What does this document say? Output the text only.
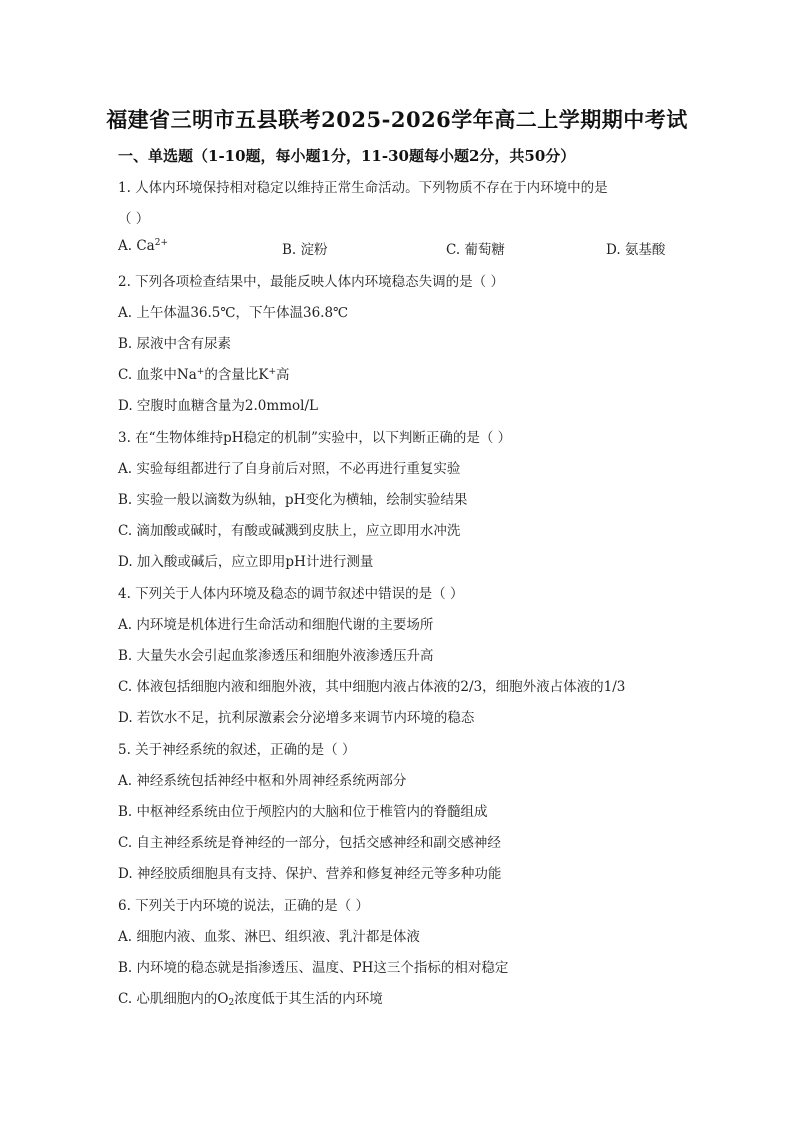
福建省三明市五县联考2025-2026学年高二上学期期中考试
一、单选题（1-10题，每小题1分，11-30题每小题2分，共50分）
1. 人体内环境保持相对稳定以维持正常生命活动。下列物质不存在于内环境中的是
（ ）
A. $Ca^{2+}$	B. 淀粉	C. 葡萄糖	D. 氨基酸
2. 下列各项检查结果中，最能反映人体内环境稳态失调的是（ ）
A. 上午体温36.5℃，下午体温36.8℃
B. 尿液中含有尿素
C. 血浆中Na+的含量比K+高
D. 空腹时血糖含量为2.0mmol/L
3. 在“生物体维持pH稳定的机制”实验中，以下判断正确的是（ ）
A. 实验每组都进行了自身前后对照，不必再进行重复实验
B. 实验一般以滴数为纵轴，pH变化为横轴，绘制实验结果
C. 滴加酸或碱时，有酸或碱溅到皮肤上，应立即用水冲洗
D. 加入酸或碱后，应立即用pH计进行测量
4. 下列关于人体内环境及稳态的调节叙述中错误的是（ ）
A. 内环境是机体进行生命活动和细胞代谢的主要场所
B. 大量失水会引起血浆渗透压和细胞外液渗透压升高
C. 体液包括细胞内液和细胞外液，其中细胞内液占体液的2/3，细胞外液占体液的1/3
D. 若饮水不足，抗利尿激素会分泌增多来调节内环境的稳态
5. 关于神经系统的叙述，正确的是（ ）
A. 神经系统包括神经中枢和外周神经系统两部分
B. 中枢神经系统由位于颅腔内的大脑和位于椎管内的脊髓组成
C. 自主神经系统是脊神经的一部分，包括交感神经和副交感神经
D. 神经胶质细胞具有支持、保护、营养和修复神经元等多种功能
6. 下列关于内环境的说法，正确的是（ ）
A. 细胞内液、血浆、淋巴、组织液、乳汁都是体液
B. 内环境的稳态就是指渗透压、温度、PH这三个指标的相对稳定
C. 心肌细胞内的$O_2$浓度低于其生活的内环境
